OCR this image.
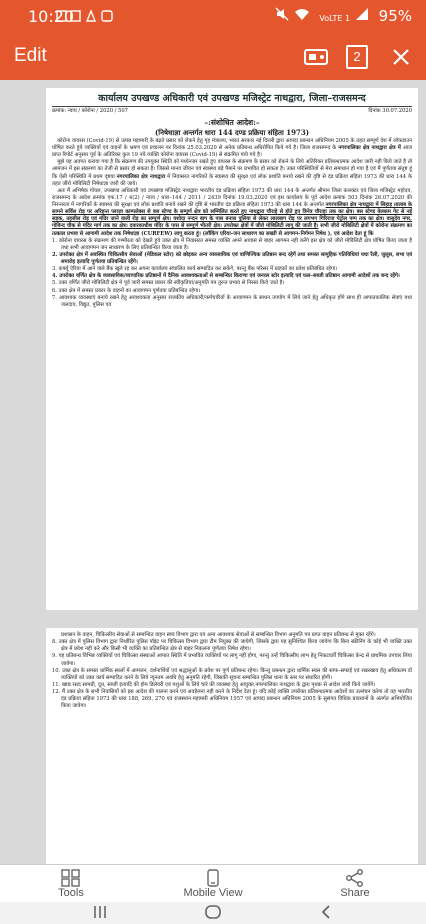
10:20	VoLTE 1 95%
Edit	2
कार्यालय उपखण्ड अधिकारी एवं उपखण्ड मजिस्ट्रेट नाथद्वारा, जिला–राजसमन्द
क्रमांक: न्याय / कोरोना / 2020 / 507	दिनांक 30.07.2020
–:संशोधित आदेश:–
(निषेधाज्ञा अन्तर्गत धारा 144 दण्ड प्रक्रिया संहिता 1973)

 कोरोना वायरस (Covid-19) से उत्पन्न महामारी के बढ़ते प्रसार को रोकने हेतु गृह मंत्रालय, भारत सरकार नई दिल्ली द्वारा आपदा प्रबन्धन अधिनियम 2005 के तहत सम्पूर्ण देश में लॉकडाउन घोषित करते हुये व्यक्तियों एवं वाहनों के भ्रमण एवं प्रचालन पर दिनांक 25.03.2020 से अनेक प्रतिबन्ध अधिरोपित किये गये है। जिला राजसमन्द के नगरपालिका क्षेत्र नाथद्वारा क्षेत्र में आज प्राप्त रिपोर्ट अनुसार पूर्व के अतिरिक्त कुल 19 नये व्यक्ति कोरोना वायरस (Covid-19) से संक्रमित पाये गये है।

 मुझे यह अवगत कराया गया है कि संक्रमण की उपयुक्त स्थिति को मध्येनजर रखते हुए वायरस के संक्रमण के प्रसार को रोकने के लिये अतिरिक्त प्रतिबन्धात्मक आदेश जारी नही किये जाते है तो आमजन में इस संक्रमण का तेजी से प्रसार हो सकता है। जिससे मानव जीवन एवं स्वास्थ्य बड़े पैमाने पर प्रभावित हो सकता है। उक्त परिस्थितियों से मेरा समाधान हो गया है एवं मैं पूर्णतया संतुष्ट हूं कि ऐसी परिस्थिति में प्रथम दृष्टया नगरपालिका क्षेत्र नाथद्वारा में निवासरत नागरिकों के स्वास्थ्य की सुरक्षा एवं लोक प्रशांति बनाये रखने की दृष्टि से दंड प्रक्रिया संहिता 1973 की धारा 144 के तहत जीरो मोबिलिटी निषेधाज्ञा जारी की जाये।

 अतः मैं अभिषेक गोयल, उपखण्ड अधिकारी एवं उपखण्ड मजिस्ट्रेट नाथद्वारा भारतीय दंड प्रक्रिया संहिता 1973 की धारा 144 के अन्तर्गत श्रीमान जिला कलक्टर एवं जिला मजिस्ट्रेट महोदय, राजसमन्द के आदेश क्रमांक एफ.17 / 4(2) / न्याय / धारा–144 / 2011 / 2439 दिनांक 19.03.2020 एवं इस कार्यालय के पूर्व आदेश क्रमांक 503 दिनांक 26.07.2020 की निरन्तरता में नागरिकों के स्वास्थ्य की सुरक्षा एवं लोक प्रशांति बनाये रखने की दृष्टि से भारतीय दंड प्रक्रिया संहिता 1973 की धारा 144 के अन्तर्गत नगरपालिका क्षेत्र नाथद्वारा में सिहाड़ तालाब के सामने सर्विस रोड़ पर अरिहन्त प्लाज़ा काम्पलेक्स से बस स्टेण्ड के सम्पूर्ण क्षेत्र को सम्मिलित करते हुए नाथद्वारा चौराहे से होते हुए त्रिनेत्र चौराहा तक का क्षेत्र। बस स्टेण्ड वेलकम गेट से नई सड़क, तहसील रोड़ एवं मंदिर जाने वाली रोड़ का सम्पूर्ण क्षेत्र। यशोदा नन्दन बाग के पास बनास पुलिया से लेकर लालबाग रोड़ पर लगभग गिरिराज पेट्रोल पम्प तक का क्षेत्र। वासुदेव नगर, गोविन्द चौक से मंदिर मार्ग तक का क्षेत्र। दवारकाधीश मंदिर के पास से सम्पूर्ण भीतरी क्षेत्र। उपरोक्त क्षेत्रों में जीरो मोबिलिटी लागू की जाती है। सभी जीरो मोबिलिटी क्षेत्रों में कोरोना संक्रमण का तत्काल प्रभाव से आगामी आदेश तक निषेधाज्ञा (CURFEW) लागू करता हूं। (लॉकिंग एरिया–जन साधारण का सख्ती से आगमन–निर्गमन निषेध ), एवं आदेश देता हूं कि

1. कोरोना वायरस के संक्रमण की गम्भीरता को देखते हुये उक्त क्षेत्र में निवासरत समस्त व्यक्ति अपने आवास से बाहर आगमन नही करेंगे इस क्षेत्र को जीरो मोबिलिटी क्षेत्र घोषित किया जाता है तथा सभी आवागमन जन साधारण के लिए प्रतिबन्धित किया जाता है।

2. उपरोक्त क्षेत्र में अवस्थित चिकित्सीय सेवाओं (मेडिकल स्टोर) को छोड़कर अन्य व्यवसायिक एवं वाणिज्यिक प्रतिष्ठान बन्द रहेगें तथा समस्त सामूहिक गतिविधियां यथा रैली, जुलूस, सभा एवं समारोह इत्यादि पूर्णतया प्रतिबन्धित रहेंगे।

3. कर्फ्यू ऐरिया में आने वाले बैंक खुले रह कर अपना कार्यालय संचालित कार्य सम्पादित कर सकेंगे, परन्तु बैंक परिसर में ग्राहकों का प्रवेश प्रतिबंधित रहेगा।

4. उपरोक्त वर्णित क्षेत्र के व्यवसायिक/व्यापारिक प्रतिष्ठानों में दैनिक आवश्यकताओं से सम्बन्धित किराणा एवं जनरल स्टोर इत्यादि एवं फल–सब्जी प्रतिष्ठान आगामी आदेशों तक बन्द रहेंगे।

5. उक्त वर्णित जीरो मोबिलिटी क्षेत्र मे पूर्व जारी समस्त प्रकार की स्वीकृतियां/अनुमति पत्र तुरन्त प्रभाव से निरस्त किये जाते है।

6. उक्त क्षेत्र में समस्त प्रकार के वाहनों का आवागमन पूर्णतया प्रतिबन्धित रहेगा।

7. आवश्यक व्यवस्थाएं बनाये रखने हेतु आवश्यकता अनुसार राजकीय अधिकारी/कर्मचारियों के आवागमन के साधन उपयोग में लिये जाने हेतु अधिकृत होंगे साथ ही आपातकालिक सेवाएं यथा जलदाय, विद्युत, पुलिस एवं

प्रशासन के वाहन, चिकित्सीय सेवाओं से सम्बन्धित वाहन स्वयं विभाग द्वारा एवं अन्य आवश्यक सेवाओं से सम्बन्धित विभाग अनुमति पत्र प्राप्त वाहन प्रतिबन्ध से मुक्त रहेंगे।

8. उक्त क्षेत्र में पुलिस विभाग द्वारा निर्धारित पुलिस पॉइंट पर चिकित्सा विभाग द्वारा टीम नियुक्त की जायेगी, जिसके द्वारा यह सुनिश्चित किया जायेगा कि बिना स्क्रीनिंग के कोई भी व्यक्ति उक्त क्षेत्र में प्रवेश नही करे और किसी भी व्यक्ति का प्रतिबन्धित क्षेत्र से बाहर निकलना पूर्णतया निषेध रहेगा।

9. यह प्रतिबन्ध विभिन्न व्यक्तियों एवं चिकित्सा संस्थाओं आपात स्थिति में प्रभावित व्यक्तियों पर लागू नही होगा, परन्तु उन्हें चिकित्सीय लाभ हेतु निकटवर्ती चिकित्सा केन्द्र से प्राथमिक उपचार लिया जायेगा।

10. उक्त क्षेत्र के समस्त धार्मिक स्थलों में आमजन, दर्शनार्थियों एवं श्रद्धालुओं के प्रवेश पर पूर्ण प्रतिबन्ध रहेगा। किन्तु प्रबन्धन द्वारा धार्मिक स्थल की साफ–सफाई एवं रखरखाव हेतु अधिकतम दो व्यक्तियों को उक्त कार्य सम्पादित करने के लिये न्यूनतम अवधि हेतु अनुमति रहेगी, जिसकी सूचना सम्बन्धित पुलिस थाना के स्तर पर संधारित होगी।

11. खाद्य रसद सामग्री, दूध, सब्जी इत्यादि की होम डिलेवरी एवं पशुओं के लिये चारे की व्यवस्था हेतु आयुक्त,नगरपालिका नाथद्वारा के द्वारा पृथक से आदेश जारी किये जायेंगे।

12. मैं उक्त क्षेत्र के सभी निवासियों को इस आदेश की पालना करने एवं अवहेलना नही करने के निर्देश देता हूं। यदि कोई व्यक्ति उपरोक्त प्रतिबन्धात्मक आदेशों का उल्लंघन करेगा तो वह भारतीय दंड प्रक्रिया संहिता 1973 की धारा 188, 269, 270 एवं राजस्थान महामारी अधिनियम 1957 एवं आपदा प्रबन्धन अधिनियम 2005 के सुसंगत विधिक प्रावधानों के अंतर्गत अभियोजित किया जावेगा।

Tools	Mobile View	Share
